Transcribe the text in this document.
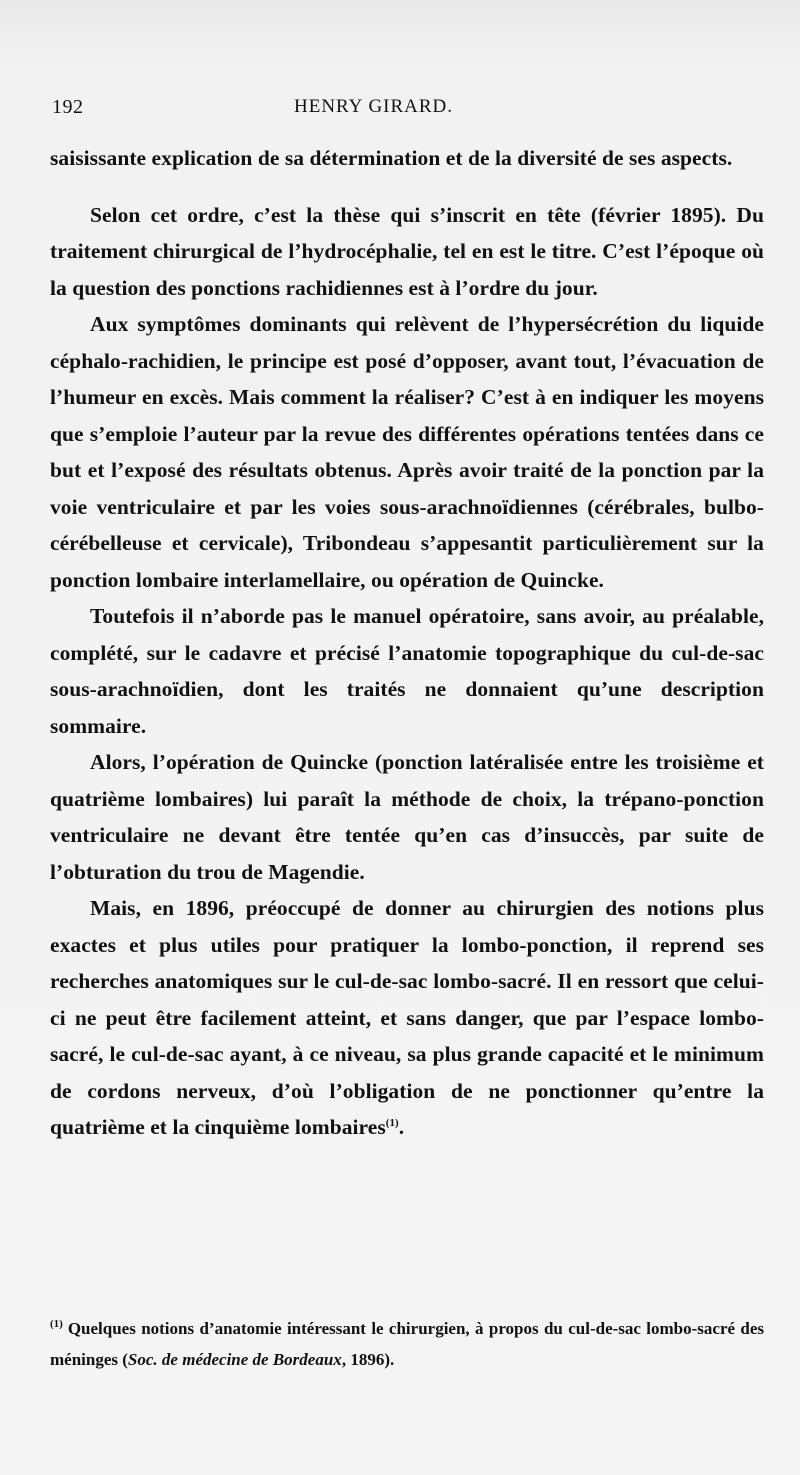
192	HENRY GIRARD.

saisissante explication de sa détermination et de la diversité de ses aspects.

Selon cet ordre, c’est la thèse qui s’inscrit en tête (février 1895). Du traitement chirurgical de l’hydrocéphalie, tel en est le titre. C’est l’époque où la question des ponctions rachidiennes est à l’ordre du jour.

Aux symptômes dominants qui relèvent de l’hypersécrétion du liquide céphalo-rachidien, le principe est posé d’opposer, avant tout, l’évacuation de l’humeur en excès. Mais comment la réaliser? C’est à en indiquer les moyens que s’emploie l’auteur par la revue des différentes opérations tentées dans ce but et l’exposé des résultats obtenus. Après avoir traité de la ponction par la voie ventriculaire et par les voies sous-arachnoïdiennes (cérébrales, bulbo-cérébelleuse et cervicale), Tribondeau s’appesantit particulièrement sur la ponction lombaire interlamellaire, ou opération de Quincke.

Toutefois il n’aborde pas le manuel opératoire, sans avoir, au préalable, complété, sur le cadavre et précisé l’anatomie topographique du cul-de-sac sous-arachnoïdien, dont les traités ne donnaient qu’une description sommaire.

Alors, l’opération de Quincke (ponction latéralisée entre les troisième et quatrième lombaires) lui paraît la méthode de choix, la trépano-ponction ventriculaire ne devant être tentée qu’en cas d’insuccès, par suite de l’obturation du trou de Magendie.

Mais, en 1896, préoccupé de donner au chirurgien des notions plus exactes et plus utiles pour pratiquer la lombo-ponction, il reprend ses recherches anatomiques sur le cul-de-sac lombo-sacré. Il en ressort que celui-ci ne peut être facilement atteint, et sans danger, que par l’espace lombo-sacré, le cul-de-sac ayant, à ce niveau, sa plus grande capacité et le minimum de cordons nerveux, d’où l’obligation de ne ponctionner qu’entre la quatrième et la cinquième lombaires$^{(1)}$.

$^{(1)}$ Quelques notions d’anatomie intéressant le chirurgien, à propos du cul-de-sac lombo-sacré des méninges (Soc. de médecine de Bordeaux, 1896).
